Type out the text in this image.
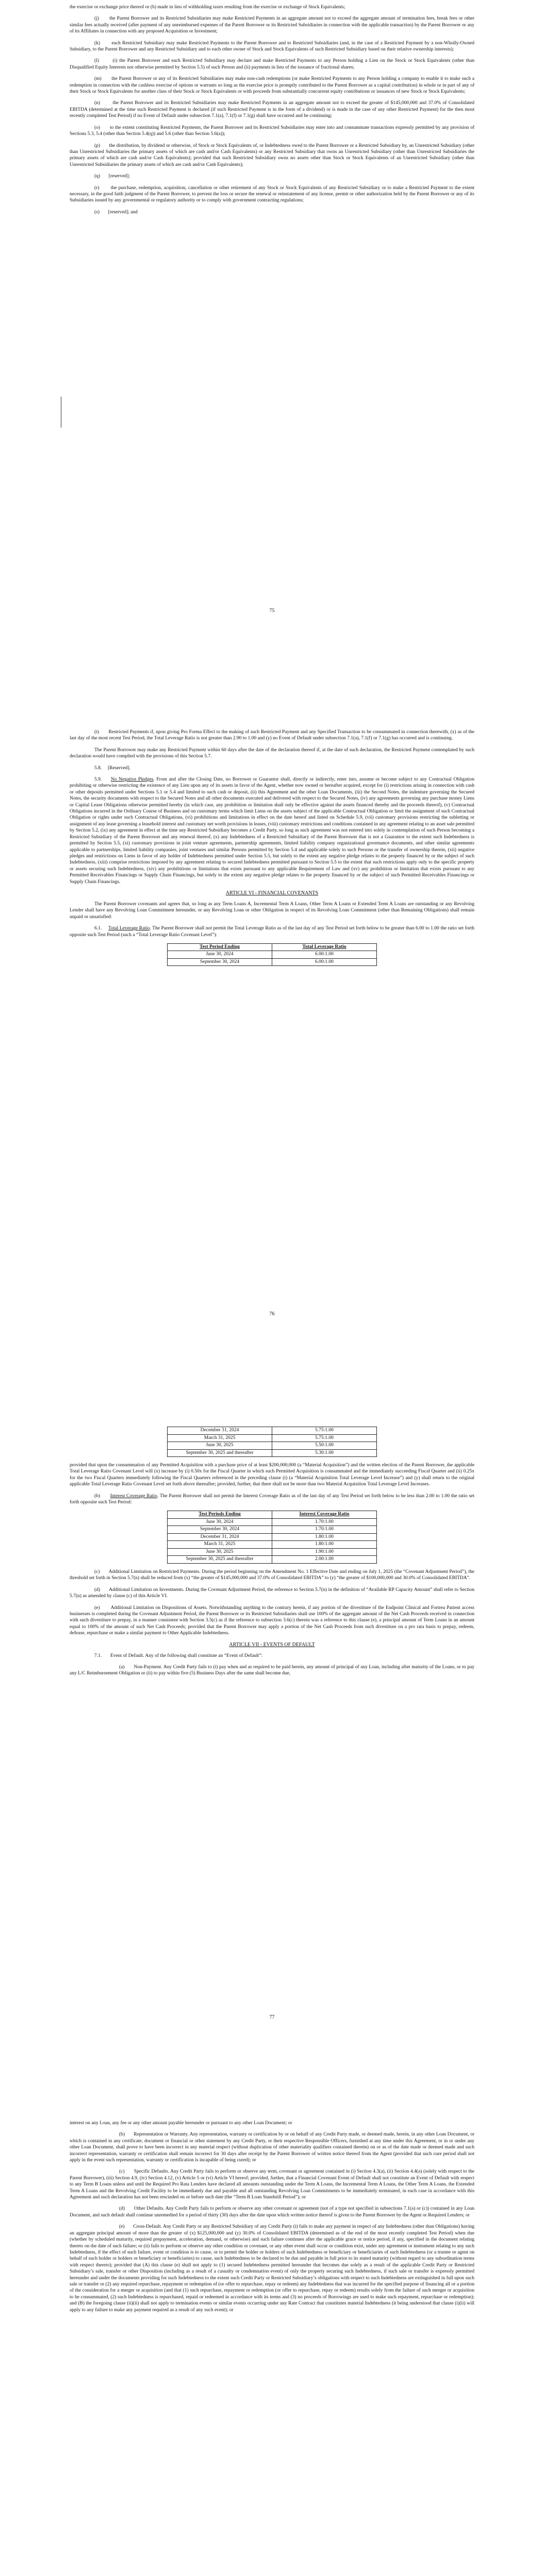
the exercise or exchange price thereof or (b) made in lieu of withholding taxes resulting from the exercise or exchange of Stock Equivalents;

(j)       the Parent Borrower and its Restricted Subsidiaries may make Restricted Payments in an aggregate amount not to exceed the aggregate amount of termination fees, break fees or other similar fees actually received (after payment of any unreimbursed expenses of the Parent Borrower or its Restricted Subsidiaries in connection with the applicable transaction) by the Parent Borrower or any of its Affiliates in connection with any proposed Acquisition or Investment;

(k)       each Restricted Subsidiary may make Restricted Payments to the Parent Borrower and to Restricted Subsidiaries (and, in the case of a Restricted Payment by a non-Wholly-Owned Subsidiary, to the Parent Borrower and any Restricted Subsidiary and to each other owner of Stock and Stock Equivalents of such Restricted Subsidiary based on their relative ownership interests);

(l)       (i) the Parent Borrower and each Restricted Subsidiary may declare and make Restricted Payments to any Person holding a Lien on the Stock or Stock Equivalents (other than Disqualified Equity Interests not otherwise permitted by Section 5.5) of such Person and (ii) payments in lieu of the issuance of fractional shares;

(m)       the Parent Borrower or any of its Restricted Subsidiaries may make non-cash redemptions (or make Restricted Payments to any Person holding a company to enable it to make such a redemption in connection with the cashless exercise of options or warrants so long as the exercise price is promptly contributed to the Parent Borrower as a capital contribution) in whole or in part of any of their Stock or Stock Equivalents for another class of their Stock or Stock Equivalents or with proceeds from substantially concurrent equity contributions or issuances of new Stock or Stock Equivalents;

(n)       the Parent Borrower and its Restricted Subsidiaries may make Restricted Payments in an aggregate amount not to exceed the greater of $145,000,000 and 37.0% of Consolidated EBITDA (determined at the time such Restricted Payment is declared (if such Restricted Payment is in the form of a dividend) or is made in the case of any other Restricted Payment) for the then most recently completed Test Period) if no Event of Default under subsection 7.1(a), 7.1(f) or 7.1(g) shall have occurred and be continuing;

(o)       to the extent constituting Restricted Payments, the Parent Borrower and its Restricted Subsidiaries may enter into and consummate transactions expressly permitted by any provision of Sections 5.3, 5.4 (other than Section 5.4(q)) and 5.6 (other than Section 5.6(a));

(p)       the distribution, by dividend or otherwise, of Stock or Stock Equivalents of, or Indebtedness owed to the Parent Borrower or a Restricted Subsidiary by, an Unrestricted Subsidiary (other than Unrestricted Subsidiaries the primary assets of which are cash and/or Cash Equivalents) or any Restricted Subsidiary that owns an Unrestricted Subsidiary (other than Unrestricted Subsidiaries the primary assets of which are cash and/or Cash Equivalents); provided that such Restricted Subsidiary owns no assets other than Stock or Stock Equivalents of an Unrestricted Subsidiary (other than Unrestricted Subsidiaries the primary assets of which are cash and/or Cash Equivalents);

(q)       [reserved];

(r)       the purchase, redemption, acquisition, cancellation or other retirement of any Stock or Stock Equivalents of any Restricted Subsidiary or to make a Restricted Payment to the extent necessary, in the good faith judgment of the Parent Borrower, to prevent the loss or secure the renewal or reinstatement of any license, permit or other authorization held by the Parent Borrower or any of its Subsidiaries issued by any governmental or regulatory authority or to comply with government contracting regulations;

(s)       [reserved]; and

75

(t)       Restricted Payments if, upon giving Pro Forma Effect to the making of such Restricted Payment and any Specified Transaction to be consummated in connection therewith, (x) as of the last day of the most recent Test Period, the Total Leverage Ratio is not greater than 2.90 to 1.00 and (y) no Event of Default under subsection 7.1(a), 7.1(f) or 7.1(g) has occurred and is continuing.

The Parent Borrower may make any Restricted Payment within 60 days after the date of the declaration thereof if, at the date of such declaration, the Restricted Payment contemplated by such declaration would have complied with the provisions of this Section 5.7.

5.8.     [Reserved].

5.9. No Negative Pledges. From and after the Closing Date, no Borrower or Guarantor shall, directly or indirectly, enter into, assume or become subject to any Contractual Obligation prohibiting or otherwise restricting the existence of any Lien upon any of its assets in favor of the Agent, whether now owned or hereafter acquired, except for (i) restrictions arising in connection with cash or other deposits permitted under Sections 5.1 or 5.4 and limited to such cash or deposit, (ii) this Agreement and the other Loan Documents, (iii) the Second Notes, the indenture governing the Secured Notes, the security documents with respect to the Secured Notes and all other documents executed and delivered with respect to the Secured Notes, (iv) any agreements governing any purchase money Liens or Capital Lease Obligations otherwise permitted hereby (in which case, any prohibition or limitation shall only be effective against the assets financed thereby and the proceeds thereof), (v) Contractual Obligations incurred in the Ordinary Course of Business and on customary terms which limit Liens on the assets subject of the applicable Contractual Obligation or limit the assignment of such Contractual Obligation or rights under such Contractual Obligations, (vi) prohibitions and limitations in effect on the date hereof and listed on Schedule 5.9, (vii) customary provisions restricting the subletting or assignment of any lease governing a leasehold interest and customary net worth provisions in leases, (viii) customary restrictions and conditions contained in any agreement relating to an asset sale permitted by Section 5.2, (ix) any agreement in effect at the time any Restricted Subsidiary becomes a Credit Party, so long as such agreement was not entered into solely in contemplation of such Person becoming a Restricted Subsidiary of the Parent Borrower and any renewal thereof, (x) any Indebtedness of a Restricted Subsidiary of the Parent Borrower that is not a Guarantor to the extent such Indebtedness is permitted by Section 5.5, (xi) customary provisions in joint venture agreements, partnership agreements, limited liability company organizational governance documents, and other similar agreements applicable to partnerships, limited liability companies, joint ventures and similar Persons permitted by Section 5.4 and applicable solely to such Persons or the transfer of ownership therein, (xii) negative pledges and restrictions on Liens in favor of any holder of Indebtedness permitted under Section 5.5, but solely to the extent any negative pledge relates to the property financed by or the subject of such Indebtedness, (xiii) comprise restrictions imposed by any agreement relating to secured Indebtedness permitted pursuant to Section 5.5 to the extent that such restrictions apply only to the specific property or assets securing such Indebtedness, (xiv) any prohibitions or limitations that exists pursuant to any applicable Requirement of Law and (xv) any prohibition or limitation that exists pursuant to any Permitted Receivables Financings or Supply Chain Financings, but solely to the extent any negative pledge relates to the property financed by or the subject of such Permitted Receivables Financings or Supply Chain Financings.

ARTICLE VI - FINANCIAL COVENANTS

The Parent Borrower covenants and agrees that, so long as any Term Loans A, Incremental Term A Loans, Other Term A Loans or Extended Term A Loans are outstanding or any Revolving Lender shall have any Revolving Loan Commitment hereunder, or any Revolving Loan or other Obligation in respect of its Revolving Loan Commitment (other than Remaining Obligations) shall remain unpaid or unsatisfied:

6.1. Total Leverage Ratio. The Parent Borrower shall not permit the Total Leverage Ratio as of the last day of any Test Period set forth below to be greater than 6.00 to 1.00 the ratio set forth opposite such Test Period (such a “Total Leverage Ratio Covenant Level”):

Test Period Ending	Total Leverage Ratio
June 30, 2024	6.00:1.00
September 30, 2024	6.00:1.00
76
December 31, 2024	5.75:1.00
March 31, 2025	5.75:1.00
June 30, 2025	5.50:1.00
September 30, 2025 and thereafter	5.30:1.00

provided that upon the consummation of any Permitted Acquisition with a purchase price of at least $200,000,000 (a “Material Acquisition”) and the written election of the Parent Borrower, the applicable Total Leverage Ratio Covenant Level will (x) increase by (i) 0.50x for the Fiscal Quarter in which such Permitted Acquisition is consummated and the immediately succeeding Fiscal Quarter and (ii) 0.25x for the two Fiscal Quarters immediately following the Fiscal Quarters referenced in the preceding clause (i) (a “Material Acquisition Total Leverage Level Increase”) and (y) shall return to the original applicable Total Leverage Ratio Covenant Level set forth above thereafter; provided, further, that there shall not be more than two Material Acquisition Total Leverage Level Increases.

(b)       Interest Coverage Ratio. The Parent Borrower shall not permit the Interest Coverage Ratio as of the last day of any Test Period set forth below to be less than 2.00 to 1.00 the ratio set forth opposite such Test Period:

Test Periods Ending	Interest Coverage Ratio
June 30, 2024	1.70:1.00
September 30, 2024	1.70:1.00
December 31, 2024	1.80:1.00
March 31, 2025	1.80:1.00
June 30, 2025	1.90:1.00
September 30, 2025 and thereafter	2.00:1.00

(c)       Additional Limitation on Restricted Payments. During the period beginning on the Amendment No. 1 Effective Date and ending on July 1, 2025 (the “Covenant Adjustment Period”), the threshold set forth in Section 5.7(n) shall be reduced from (x) “the greater of $145,000,000 and 37.0% of Consolidated EBITDA” to (y) “the greater of $100,000,000 and 30.0% of Consolidated EBITDA”.

(d)       Additional Limitation on Investments. During the Covenant Adjustment Period, the reference to Section 5.7(n) in the definition of “Available RP Capacity Amount” shall refer to Section 5.7(n) as amended by clause (c) of this Article VI.

(e)       Additional Limitation on Dispositions of Assets. Notwithstanding anything to the contrary herein, if any portion of the divestiture of the Endpoint Clinical and Fortrea Patient access businesses is completed during the Covenant Adjustment Period, the Parent Borrower or its Restricted Subsidiaries shall use 100% of the aggregate amount of the Net Cash Proceeds received in connection with such divestiture to prepay, in a manner consistent with Section 3.5(c) as if the reference to subsection 3.6(c) therein was a reference to this clause (e), a principal amount of Term Loans in an amount equal to 100% of the amount of such Net Cash Proceeds; provided that the Parent Borrower may apply a portion of the Net Cash Proceeds from such divestiture on a pro rata basis to prepay, redeem, defease, repurchase or make a similar payment to Other Applicable Indebtedness.

ARTICLE VII - EVENTS OF DEFAULT

7.1.       Event of Default. Any of the following shall constitute an “Event of Default”:

(a)       Non-Payment. Any Credit Party fails to (i) pay when and as required to be paid herein, any amount of principal of any Loan, including after maturity of the Loans, or to pay any L/C Reimbursement Obligation or (ii) to pay within five (5) Business Days after the same shall become due,

77

interest on any Loan, any fee or any other amount payable hereunder or pursuant to any other Loan Document; or

(b)       Representation or Warranty. Any representation, warranty or certification by or on behalf of any Credit Party made, or deemed made, herein, in any other Loan Document, or which is contained in any certificate, document or financial or other statement by any Credit Party, or their respective Responsible Officers, furnished at any time under this Agreement, or in or under any other Loan Document, shall prove to have been incorrect in any material respect (without duplication of other materiality qualifiers contained therein) on or as of the date made or deemed made and such incorrect representation, warranty or certification shall remain incorrect for 30 days after receipt by the Parent Borrower of written notice thereof from the Agent (provided that such cure period shall not apply in the event such representation, warranty or certification is incapable of being cured); or

(c)       Specific Defaults. Any Credit Party fails to perform or observe any term, covenant or agreement contained in (i) Section 4.3(a), (ii) Section 4.4(a) (solely with respect to the Parent Borrower), (iii) Section 4.9, (iv) Section 4.12, (v) Article 5 or (vi) Article VI hereof; provided, further, that a Financial Covenant Event of Default shall not constitute an Event of Default with respect to any Term B Loans unless and until the Required Pro Rata Lenders have declared all amounts outstanding under the Term A Loans, the Incremental Term A Loans, the Other Term A Loans, the Extended Term A Loans and the Revolving Credit Facility to be immediately due and payable and all outstanding Revolving Loan Commitments to be immediately terminated, in each case in accordance with this Agreement and such declaration has not been rescinded on or before such date (the “Term B Loan Standstill Period”); or

(d)       Other Defaults. Any Credit Party fails to perform or observe any other covenant or agreement (not of a type not specified in subsections 7.1(a) or (c)) contained in any Loan Document, and such default shall continue unremedied for a period of thirty (30) days after the date upon which written notice thereof is given to the Parent Borrower by the Agent or Required Lenders; or

(e)       Cross-Default. Any Credit Party or any Restricted Subsidiary of any Credit Party (i) fails to make any payment in respect of any Indebtedness (other than Obligations) having an aggregate principal amount of more than the greater of (x) $125,000,000 and (y) 30.0% of Consolidated EBITDA (determined as of the end of the most recently completed Test Period) when due (whether by scheduled maturity, required prepayment, acceleration, demand, or otherwise) and such failure continues after the applicable grace or notice period, if any, specified in the document relating thereto on the date of such failure; or (ii) fails to perform or observe any other condition or covenant, or any other event shall occur or condition exist, under any agreement or instrument relating to any such Indebtedness, if the effect of such failure, event or condition is to cause, or to permit the holder or holders of such Indebtedness or beneficiary or beneficiaries of such Indebtedness (or a trustee or agent on behalf of such holder or holders or beneficiary or beneficiaries) to cause, such Indebtedness to be declared to be due and payable in full prior to its stated maturity (without regard to any subordination terms with respect thereto); provided that (A) this clause (e) shall not apply to (1) secured Indebtedness permitted hereunder that becomes due solely as a result of the applicable Credit Party or Restricted Subsidiary’s sale, transfer or other Disposition (including as a result of a casualty or condemnation event) of only the property securing such Indebtedness, if such sale or transfer is expressly permitted hereunder and under the documents providing for such Indebtedness to the extent such Credit Party or Restricted Subsidiary’s obligations with respect to such Indebtedness are extinguished in full upon such sale or transfer or (2) any required repurchase, repayment or redemption of (or offer to repurchase, repay or redeem) any Indebtedness that was incurred for the specified purpose of financing all or a portion of the consideration for a merger or acquisition (and that (1) such repurchase, repayment or redemption (or offer to repurchase, repay or redeem) results solely from the failure of such merger or acquisition to be consummated, (2) such Indebtedness is repurchased, repaid or redeemed in accordance with its terms and (3) no proceeds of Borrowings are used to make such repayment, repurchase or redemption); and (B) the foregoing clause (ii)(ii) shall not apply to termination events or similar events occurring under any Rate Contract that constitutes material Indebtedness (it being understood that clause (i)(ii) will apply to any failure to make any payment required as a result of any such event); or
